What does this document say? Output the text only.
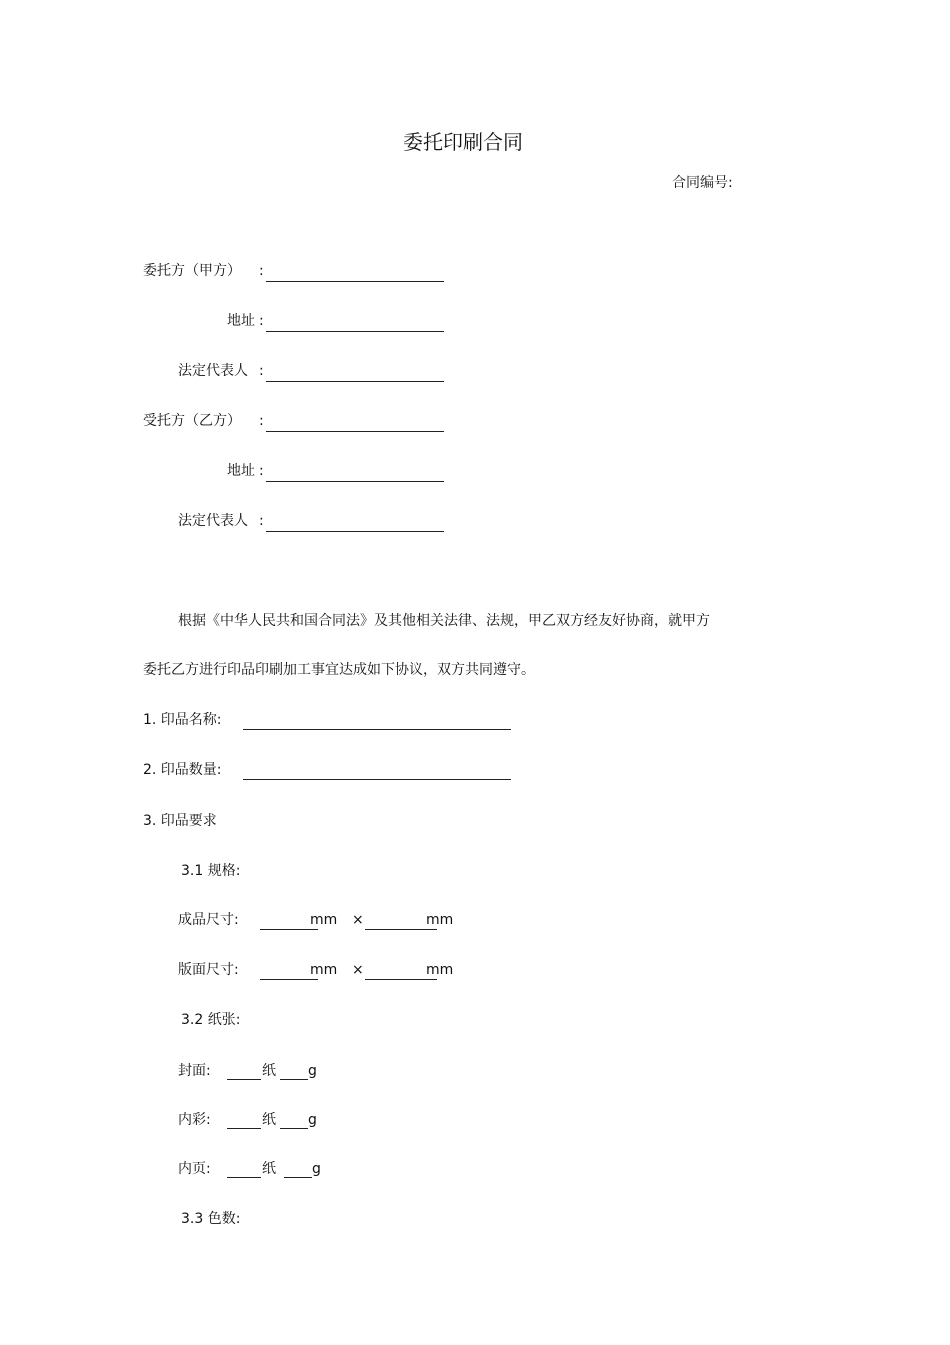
委托印刷合同
合同编号:
委托方（甲方） :
地址 :
法定代表人 :
受托方（乙方） :
地址 :
法定代表人 :
根据《中华人民共和国合同法》及其他相关法律、法规，甲乙双方经友好协商，就甲方
委托乙方进行印品印刷加工事宜达成如下协议，双方共同遵守。
1. 印品名称:
2. 印品数量:
3. 印品要求
3.1 规格:
成品尺寸:	mm ×	mm
版面尺寸:	mm ×	mm
3.2 纸张:
封面:	纸 g
内彩:	纸 g
内页:	纸	g
3.3 色数:
